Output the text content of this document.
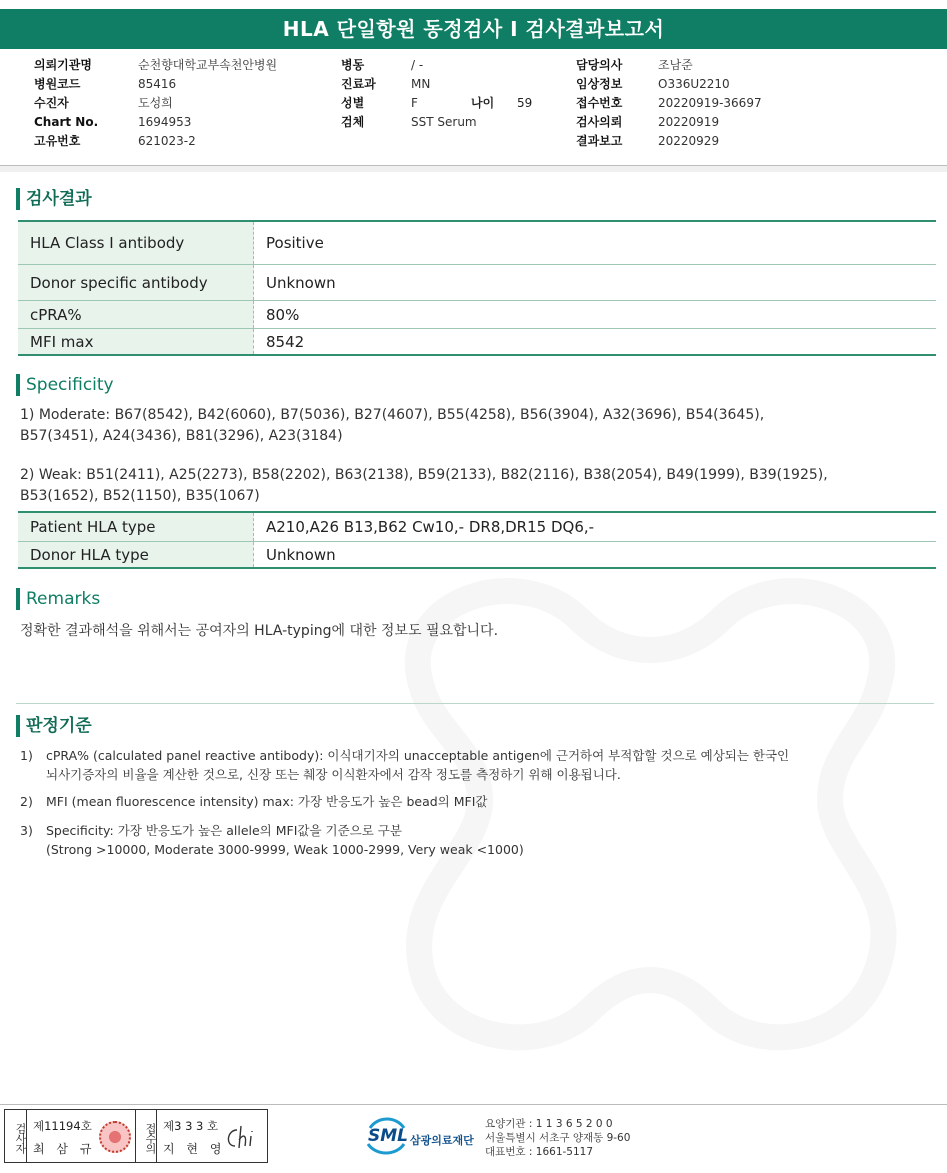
HLA 단일항원 동정검사 I 검사결과보고서
의뢰기관명	순천향대학교부속천안병원
병원코드	85416
수진자	도성희
Chart No.	1694953
고유번호	621023-2
병동	/ -
진료과	MN
성별	F	나이 59
검체	SST Serum
담당의사	조남준
임상정보	O336U2210
접수번호	20220919-36697
검사의뢰	20220919
결과보고	20220929
검사결과
HLA Class I antibody	Positive
Donor specific antibody	Unknown
cPRA%	80%
MFI max	8542
Specificity
1) Moderate: B67(8542), B42(6060), B7(5036), B27(4607), B55(4258), B56(3904), A32(3696), B54(3645),
B57(3451), A24(3436), B81(3296), A23(3184)
2) Weak: B51(2411), A25(2273), B58(2202), B63(2138), B59(2133), B82(2116), B38(2054), B49(1999), B39(1925),
B53(1652), B52(1150), B35(1067)
Patient HLA type	A210,A26 B13,B62 Cw10,- DR8,DR15 DQ6,-
Donor HLA type	Unknown
Remarks
정확한 결과해석을 위해서는 공여자의 HLA-typing에 대한 정보도 필요합니다.
판정기준
1) cPRA% (calculated panel reactive antibody): 이식대기자의 unacceptable antigen에 근거하여 부적합할 것으로 예상되는 한국인
뇌사기증자의 비율을 계산한 것으로, 신장 또는 췌장 이식환자에서 감작 정도를 측정하기 위해 이용됩니다.
2) MFI (mean fluorescence intensity) max: 가장 반응도가 높은 bead의 MFI값
3) Specificity: 가장 반응도가 높은 allele의 MFI값을 기준으로 구분
(Strong >10000, Moderate 3000-9999, Weak 1000-2999, Very weak <1000)
검사자 제11194호
최 삼 규	접수의 제3 3 3 호
지 현 영
SML 삼광의료재단
요양기관 : 1 1 3 6 5 2 0 0
서울특별시 서초구 양재동 9-60
대표번호 : 1661-5117
